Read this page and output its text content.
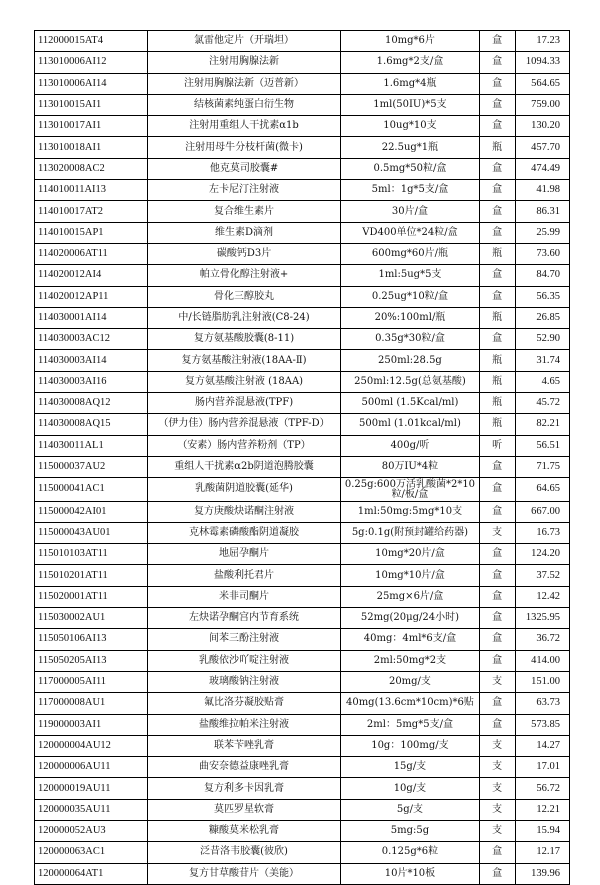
112000015AT4	氯雷他定片（开瑞坦）	10mg*6片	盒	17.23
113010006AI12	注射用胸腺法新	1.6mg*2支/盒	盒	1094.33
113010006AI14	注射用胸腺法新（迈普新）	1.6mg*4瓶	盒	564.65
113010015AI1	结核菌素纯蛋白衍生物	1ml(50IU)*5支	盒	759.00
113010017AI1	注射用重组人干扰素α1b	10ug*10支	盒	130.20
113010018AI1	注射用母牛分枝杆菌(微卡)	22.5ug*1瓶	瓶	457.70
113020008AC2	他克莫司胶囊#	0.5mg*50粒/盒	盒	474.49
114010011AI13	左卡尼汀注射液	5ml：1g*5支/盒	盒	41.98
114010017AT2	复合维生素片	30片/盒	盒	86.31
114010015AP1	维生素D滴剂	VD400单位*24粒/盒	盒	25.99
114020006AT11	碳酸钙D3片	600mg*60片/瓶	瓶	73.60
114020012AI4	帕立骨化醇注射液+	1ml:5ug*5支	盒	84.70
114020012AP11	骨化三醇胶丸	0.25ug*10粒/盒	盒	56.35
114030001AI14	中/长链脂肪乳注射液(C8-24)	20%:100ml/瓶	瓶	26.85
114030003AC12	复方氨基酸胶囊(8-11)	0.35g*30粒/盒	盒	52.90
114030003AI14	复方氨基酸注射液(18AA-Ⅱ)	250ml:28.5g	瓶	31.74
114030003AI16	复方氨基酸注射液 (18AA)	250ml:12.5g(总氨基酸)	瓶	4.65
114030008AQ12	肠内营养混悬液(TPF)	500ml (1.5Kcal/ml)	瓶	45.72
114030008AQ15	（伊力佳）肠内营养混悬液（TPF-D）	500ml (1.01kcal/ml)	瓶	82.21
114030011AL1	（安素）肠内营养粉剂（TP）	400g/听	听	56.51
115000037AU2	重组人干扰素α2b阴道泡腾胶囊	80万IU*4粒	盒	71.75
115000041AC1	乳酸菌阴道胶囊(延华)	0.25g:600万活乳酸菌*2*10粒/板/盒	盒	64.65
115000042AI01	复方庚酸炔诺酮注射液	1ml:50mg:5mg*10支	盒	667.00
115000043AU01	克林霉素磷酸酯阴道凝胶	5g:0.1g(附预封罐给药器)	支	16.73
115010103AT11	地屈孕酮片	10mg*20片/盒	盒	124.20
115010201AT11	盐酸利托君片	10mg*10片/盒	盒	37.52
115020001AT11	米非司酮片	25mg×6片/盒	盒	12.42
115030002AU1	左炔诺孕酮宫内节育系统	52mg(20μg/24小时)	盒	1325.95
115050106AI13	间苯三酚注射液	40mg：4ml*6支/盒	盒	36.72
115050205AI13	乳酸依沙吖啶注射液	2ml:50mg*2支	盒	414.00
117000005AI11	玻璃酸钠注射液	20mg/支	支	151.00
117000008AU1	氟比洛芬凝胶贴膏	40mg(13.6cm*10cm)*6贴	盒	63.73
119000003AI1	盐酸维拉帕米注射液	2ml：5mg*5支/盒	盒	573.85
120000004AU12	联苯苄唑乳膏	10g：100mg/支	支	14.27
120000006AU11	曲安奈德益康唑乳膏	15g/支	支	17.01
120000019AU11	复方利多卡因乳膏	10g/支	支	56.72
120000035AU11	莫匹罗星软膏	5g/支	支	12.21
120000052AU3	糠酸莫米松乳膏	5mg:5g	支	15.94
120000063AC1	泛昔洛韦胶囊(彼欣)	0.125g*6粒	盒	12.17
120000064AT1	复方甘草酸苷片（美能）	10片*10板	盒	139.96
